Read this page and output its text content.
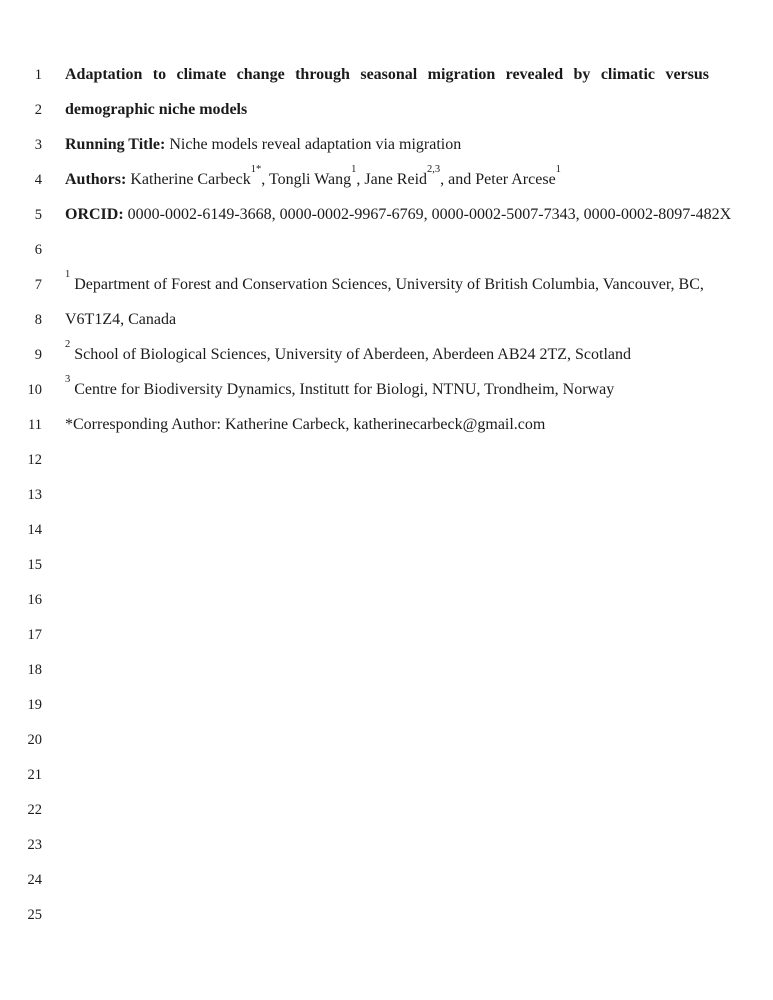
1 Adaptation to climate change through seasonal migration revealed by climatic versus
2 demographic niche models
3 Running Title: Niche models reveal adaptation via migration
4 Authors: Katherine Carbeck$^{1*}$, Tongli Wang$^1$, Jane Reid$^{2,3}$, and Peter Arcese$^1$
5 ORCID: 0000-0002-6149-3668, 0000-0002-9967-6769, 0000-0002-5007-7343, 0000-0002-8097-482X
6
$7^1$ Department of Forest and Conservation Sciences, University of British Columbia, Vancouver, BC,
8 V6T1Z4, Canada
$9^2$ School of Biological Sciences, University of Aberdeen, Aberdeen AB24 2TZ, Scotland
$10^3$ Centre for Biodiversity Dynamics, Institutt for Biologi, NTNU, Trondheim, Norway
11 *Corresponding Author: Katherine Carbeck, katherinecarbeck@gmail.com
12
13
14
15
16
17
18
19
20
21
22
23
24
25
